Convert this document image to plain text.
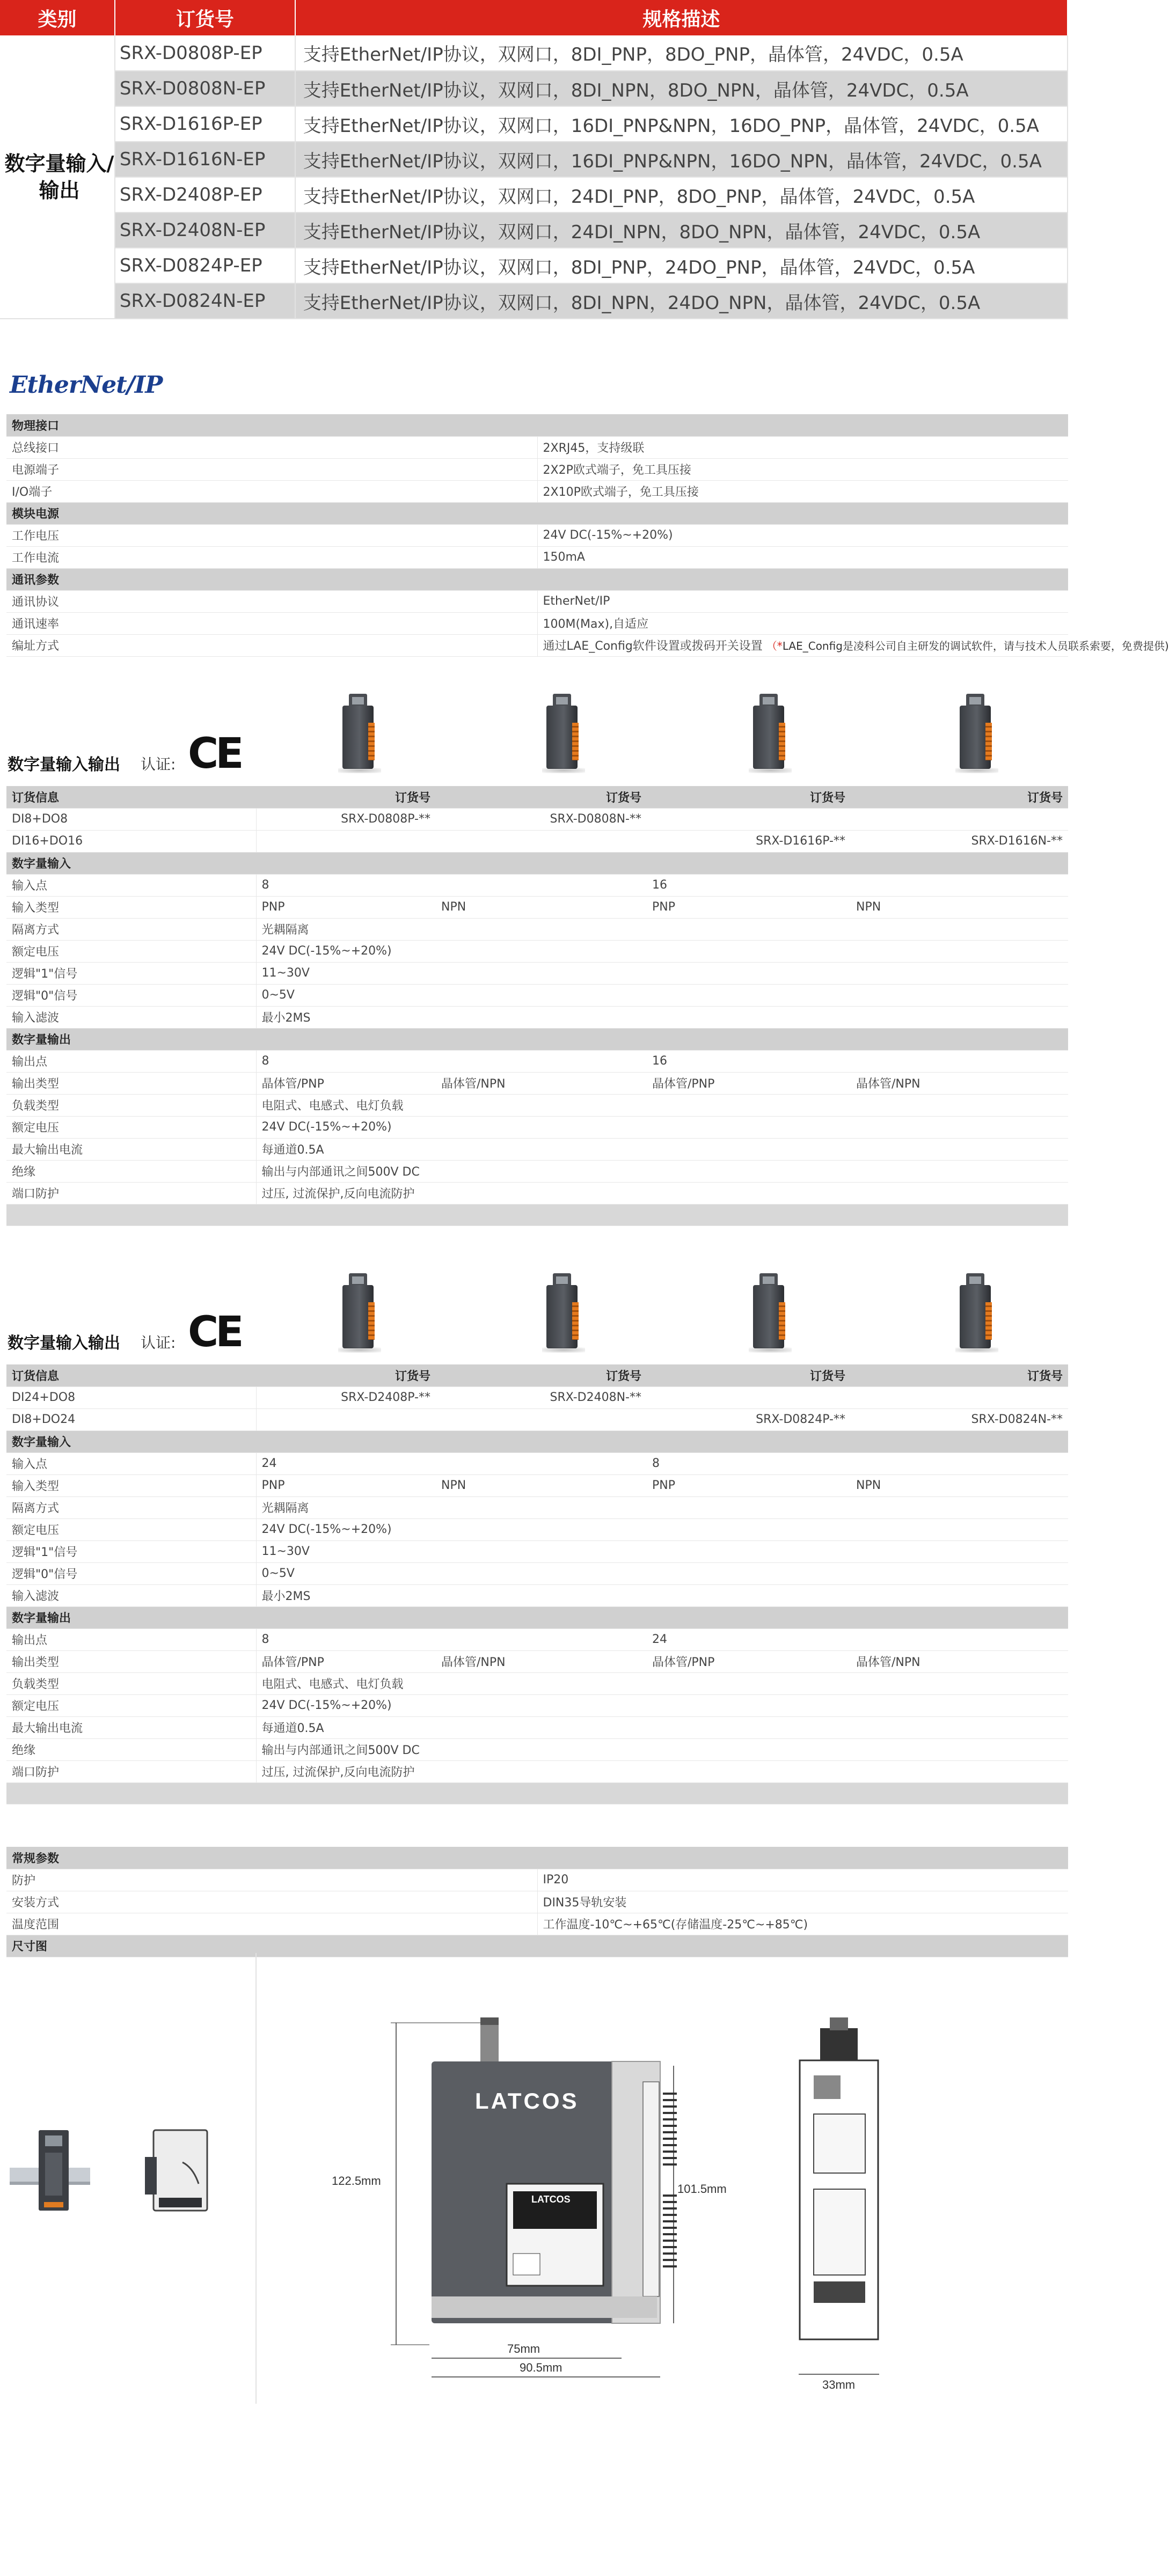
类别	订货号	规格描述
数字量输入/输出	SRX-D0808P-EP	支持EtherNet/IP协议，双网口，8DI_PNP，8DO_PNP，晶体管，24VDC，0.5A
	SRX-D0808N-EP	支持EtherNet/IP协议，双网口，8DI_NPN，8DO_NPN，晶体管，24VDC，0.5A
	SRX-D1616P-EP	支持EtherNet/IP协议，双网口，16DI_PNP&NPN，16DO_PNP，晶体管，24VDC，0.5A
	SRX-D1616N-EP	支持EtherNet/IP协议，双网口，16DI_PNP&NPN，16DO_NPN，晶体管，24VDC，0.5A
	SRX-D2408P-EP	支持EtherNet/IP协议，双网口，24DI_PNP，8DO_PNP，晶体管，24VDC，0.5A
	SRX-D2408N-EP	支持EtherNet/IP协议，双网口，24DI_NPN，8DO_NPN，晶体管，24VDC，0.5A
	SRX-D0824P-EP	支持EtherNet/IP协议，双网口，8DI_PNP，24DO_PNP，晶体管，24VDC，0.5A
	SRX-D0824N-EP	支持EtherNet/IP协议，双网口，8DI_NPN，24DO_NPN，晶体管，24VDC，0.5A
EtherNet/IP
物理接口	
总线接口	2XRJ45，支持级联
电源端子	2X2P欧式端子，免工具压接
I/O端子	2X10P欧式端子，免工具压接
模块电源	
工作电压	24V DC(-15%~+20%)
工作电流	150mA
通讯参数	
通讯协议	EtherNet/IP
通讯速率	100M(Max),自适应
编址方式	通过LAE_Config软件设置或拨码开关设置 （*LAE_Config是凌科公司自主研发的调试软件，请与技术人员联系索要，免费提供)
数字量输入输出 认证: CE
订货信息	订货号	订货号	订货号	订货号
DI8+DO8	SRX-D0808P-**	SRX-D0808N-**		
DI16+DO16			SRX-D1616P-**	SRX-D1616N-**
数字量输入				
输入点	8		16	
输入类型	PNP	NPN	PNP	NPN
隔离方式	光耦隔离			
额定电压	24V DC(-15%~+20%)			
逻辑"1"信号	11~30V			
逻辑"0"信号	0~5V			
输入滤波	最小2MS			
数字量输出				
输出点	8		16	
输出类型	晶体管/PNP	晶体管/NPN	晶体管/PNP	晶体管/NPN
负载类型	电阻式、电感式、电灯负载			
额定电压	24V DC(-15%~+20%)			
最大输出电流	每通道0.5A			
绝缘	输出与内部通讯之间500V DC			
端口防护	过压, 过流保护,反向电流防护			

数字量输入输出 认证: CE
订货信息	订货号	订货号	订货号	订货号
DI24+DO8	SRX-D2408P-**	SRX-D2408N-**		
DI8+DO24			SRX-D0824P-**	SRX-D0824N-**
数字量输入				
输入点	24		8	
输入类型	PNP	NPN	PNP	NPN
隔离方式	光耦隔离			
额定电压	24V DC(-15%~+20%)			
逻辑"1"信号	11~30V			
逻辑"0"信号	0~5V			
输入滤波	最小2MS			
数字量输出				
输出点	8		24	
输出类型	晶体管/PNP	晶体管/NPN	晶体管/PNP	晶体管/NPN
负载类型	电阻式、电感式、电灯负载			
额定电压	24V DC(-15%~+20%)			
最大输出电流	每通道0.5A			
绝缘	输出与内部通讯之间500V DC			
端口防护	过压, 过流保护,反向电流防护			

常规参数	
防护	IP20
安装方式	DIN35导轨安装
温度范围	工作温度-10℃~+65℃(存储温度-25℃~+85℃)
尺寸图	
LATCOS
LATCOS
122.5mm
101.5mm
75mm
90.5mm
33mm
